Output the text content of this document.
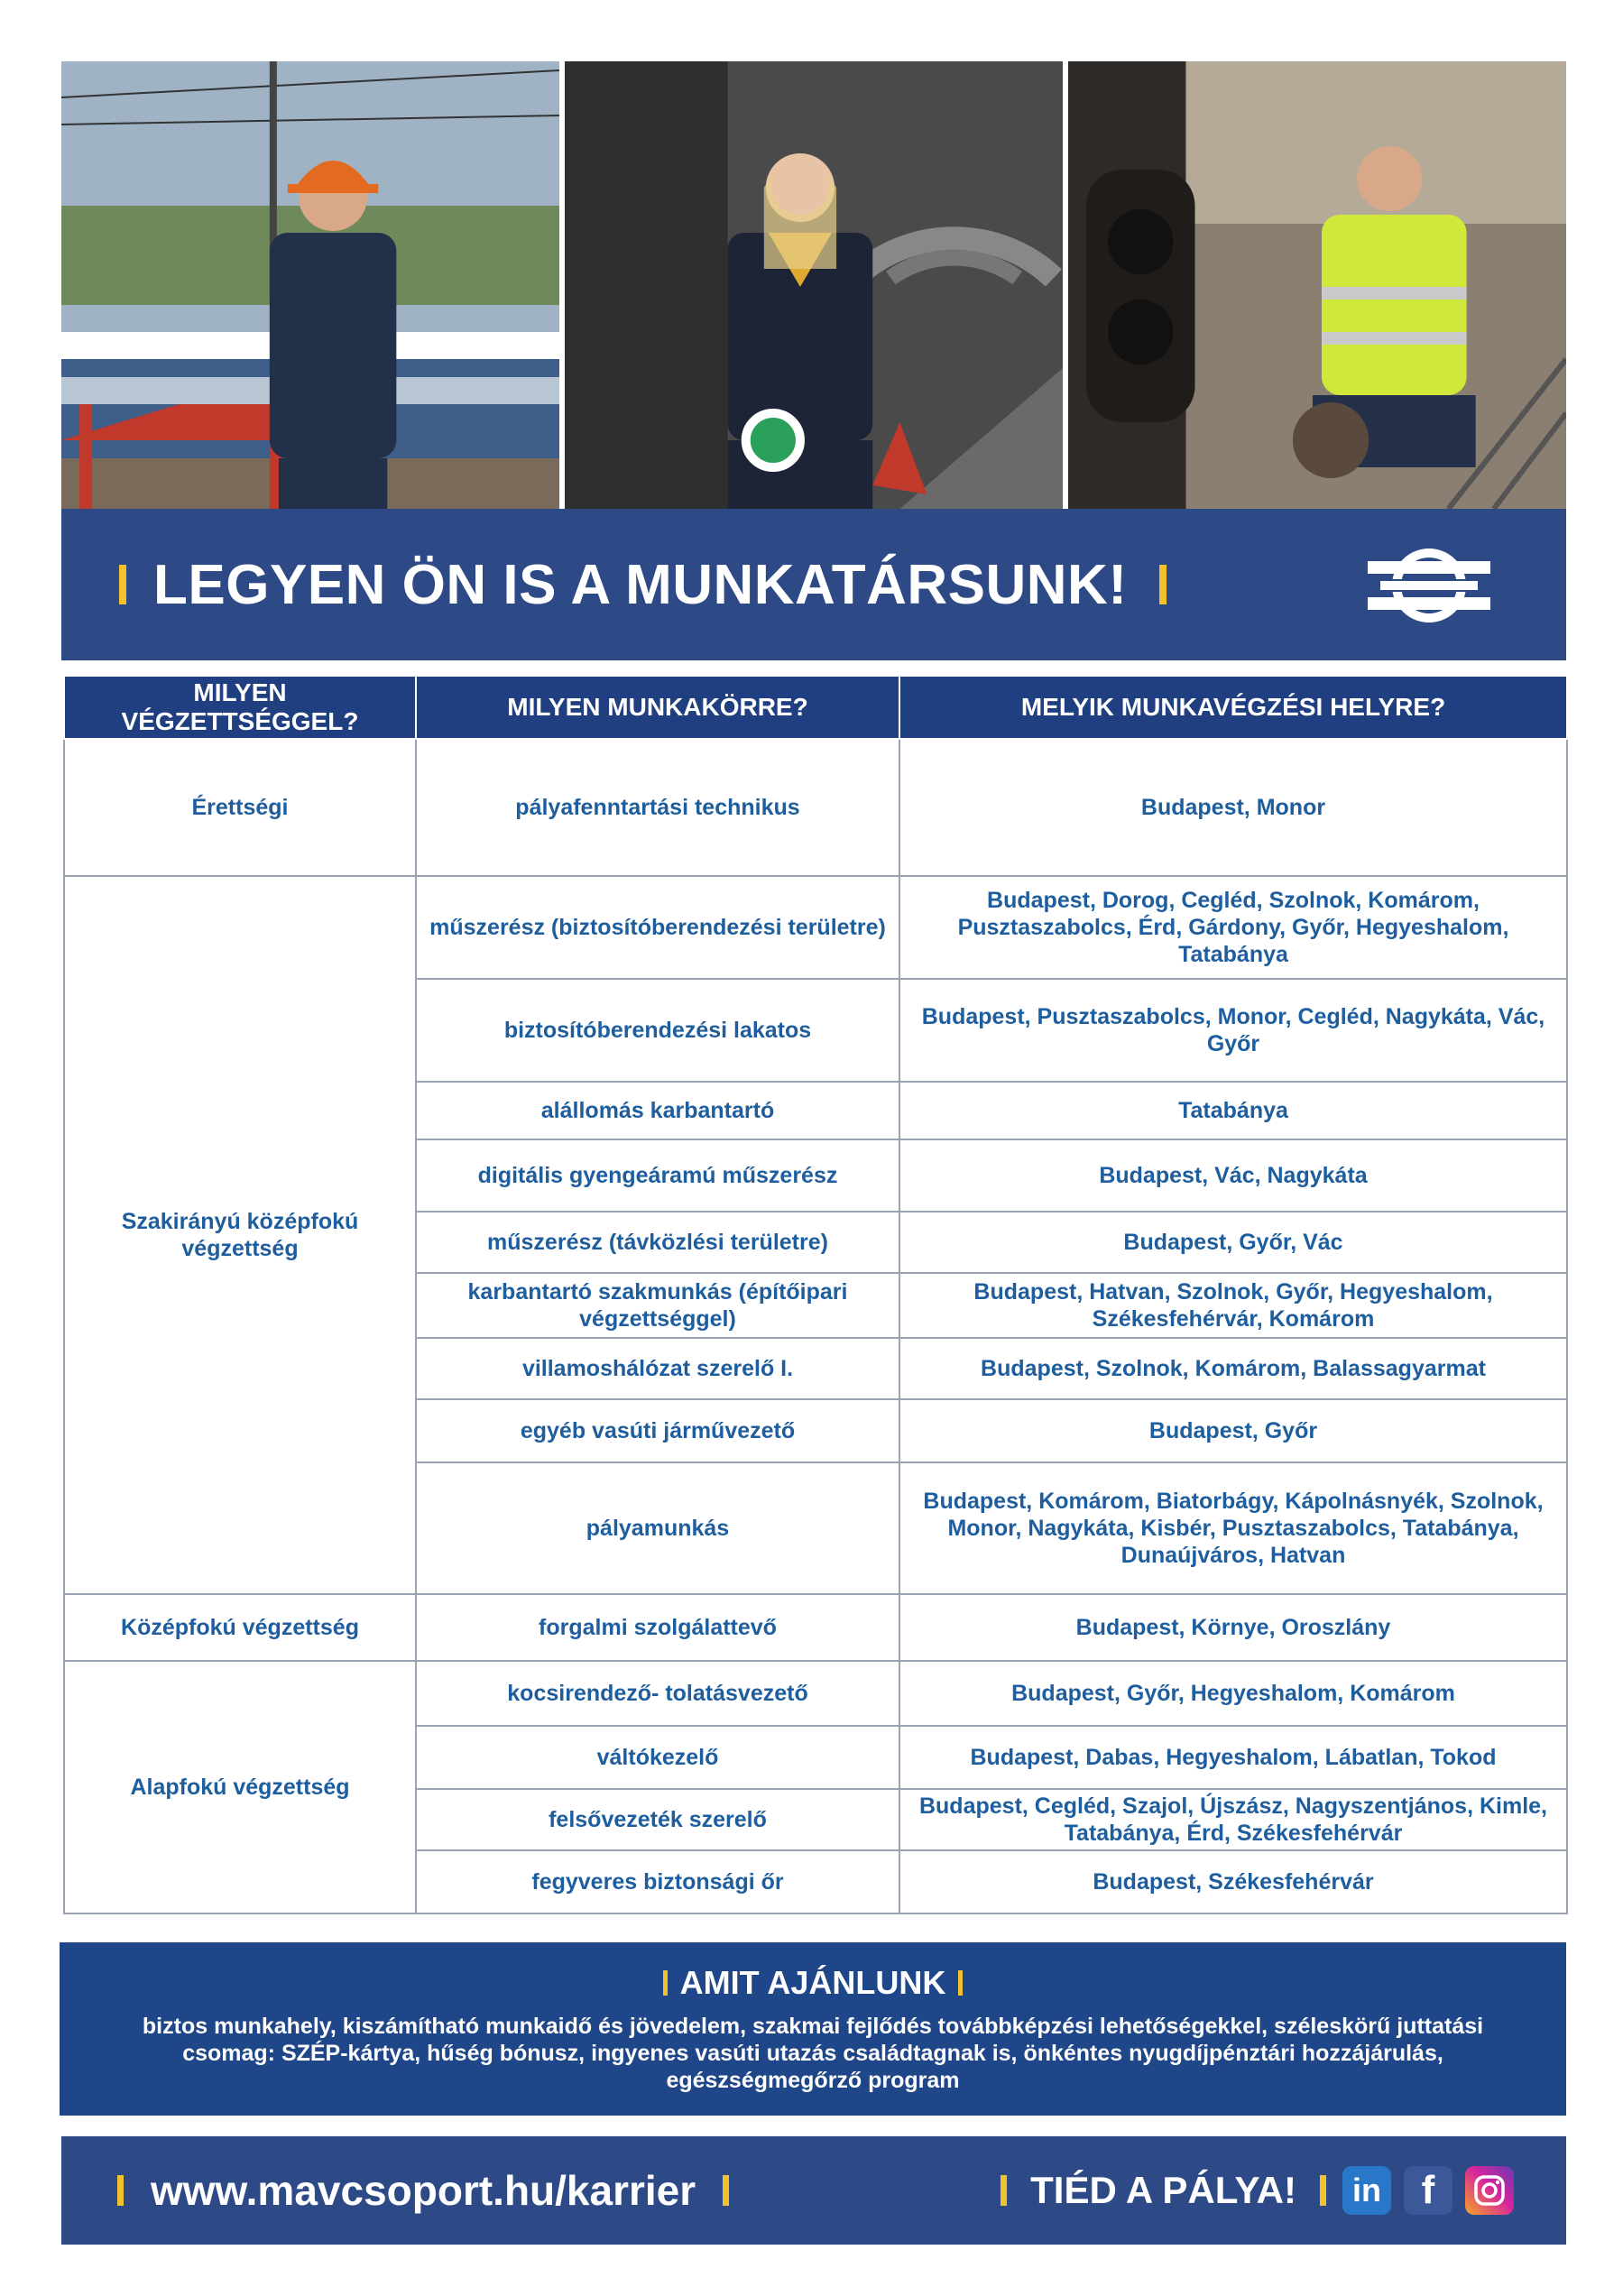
LEGYEN ÖN IS A MUNKATÁRSUNK!
MILYEN VÉGZETTSÉGGEL?	MILYEN MUNKAKÖRRE?	MELYIK MUNKAVÉGZÉSI HELYRE?
Érettségi	pályafenntartási technikus	Budapest, Monor
Szakirányú középfokú végzettség	műszerész (biztosítóberendezési területre)	Budapest, Dorog, Cegléd, Szolnok, Komárom, Pusztaszabolcs, Érd, Gárdony, Győr, Hegyeshalom, Tatabánya
	biztosítóberendezési lakatos	Budapest, Pusztaszabolcs, Monor, Cegléd, Nagykáta, Vác, Győr
	alállomás karbantartó	Tatabánya
	digitális gyengeáramú műszerész	Budapest, Vác, Nagykáta
	műszerész (távközlési területre)	Budapest, Győr, Vác
	karbantartó szakmunkás (építőipari végzettséggel)	Budapest, Hatvan, Szolnok, Győr, Hegyeshalom, Székesfehérvár, Komárom
	villamoshálózat szerelő I.	Budapest, Szolnok, Komárom, Balassagyarmat
	egyéb vasúti járművezető	Budapest, Győr
	pályamunkás	Budapest, Komárom, Biatorbágy, Kápolnásnyék, Szolnok, Monor, Nagykáta, Kisbér, Pusztaszabolcs, Tatabánya, Dunaújváros, Hatvan
Középfokú végzettség	forgalmi szolgálattevő	Budapest, Környe, Oroszlány
Alapfokú végzettség	kocsirendező- tolatásvezető	Budapest, Győr, Hegyeshalom, Komárom
	váltókezelő	Budapest, Dabas, Hegyeshalom, Lábatlan, Tokod
	felsővezeték szerelő	Budapest, Cegléd, Szajol, Újszász, Nagyszentjános, Kimle, Tatabánya, Érd, Székesfehérvár
	fegyveres biztonsági őr	Budapest, Székesfehérvár
AMIT AJÁNLUNK
biztos munkahely, kiszámítható munkaidő és jövedelem, szakmai fejlődés továbbképzési lehetőségekkel, széleskörű juttatási csomag: SZÉP-kártya, hűség bónusz, ingyenes vasúti utazás családtagnak is, önkéntes nyugdíjpénztári hozzájárulás, egészségmegőrző program
www.mavcsoport.hu/karrier	TIÉD A PÁLYA!	in	f
